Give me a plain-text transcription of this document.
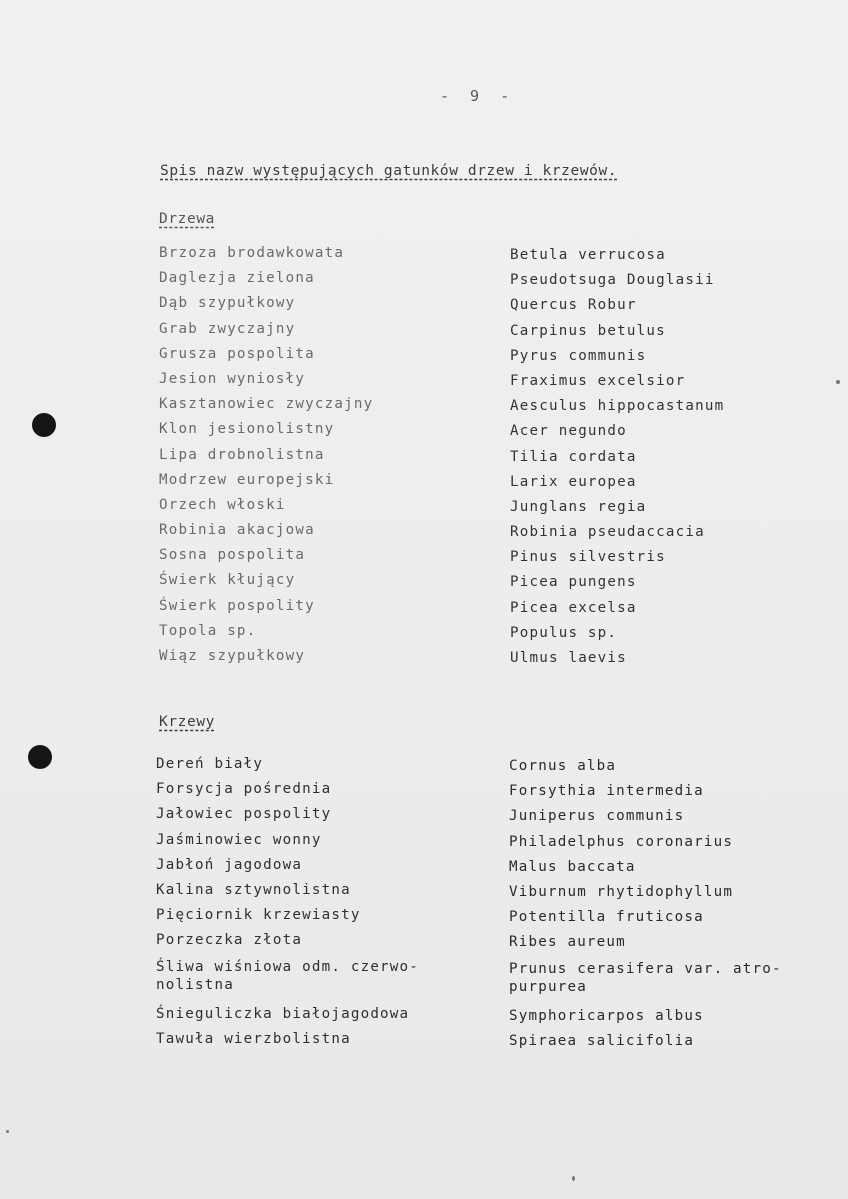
- 9 -
Spis nazw występujących gatunków drzew i krzewów.
Drzewa
Brzoza brodawkowata
Daglezja zielona
Dąb szypułkowy
Grab zwyczajny
Grusza pospolita
Jesion wyniosły
Kasztanowiec zwyczajny
Klon jesionolistny
Lipa drobnolistna
Modrzew europejski
Orzech włoski
Robinia akacjowa
Sosna pospolita
Świerk kłujący
Świerk pospolity
Topola sp.
Wiąz szypułkowy
Betula verrucosa
Pseudotsuga Douglasii
Quercus Robur
Carpinus betulus
Pyrus communis
Fraximus excelsior
Aesculus hippocastanum
Acer negundo
Tilia cordata
Larix europea
Junglans regia
Robinia pseudaccacia
Pinus silvestris
Picea pungens
Picea excelsa
Populus sp.
Ulmus laevis
Krzewy
Dereń biały
Forsycja pośrednia
Jałowiec pospolity
Jaśminowiec wonny
Jabłoń jagodowa
Kalina sztywnolistna
Pięciornik krzewiasty
Porzeczka złota
Śliwa wiśniowa odm. czerwo-
nolistna
Śnieguliczka białojagodowa
Tawuła wierzbolistna
Cornus alba
Forsythia intermedia
Juniperus communis
Philadelphus coronarius
Malus baccata
Viburnum rhytidophyllum
Potentilla fruticosa
Ribes aureum
Prunus cerasifera var. atro-
purpurea
Symphoricarpos albus
Spiraea salicifolia
